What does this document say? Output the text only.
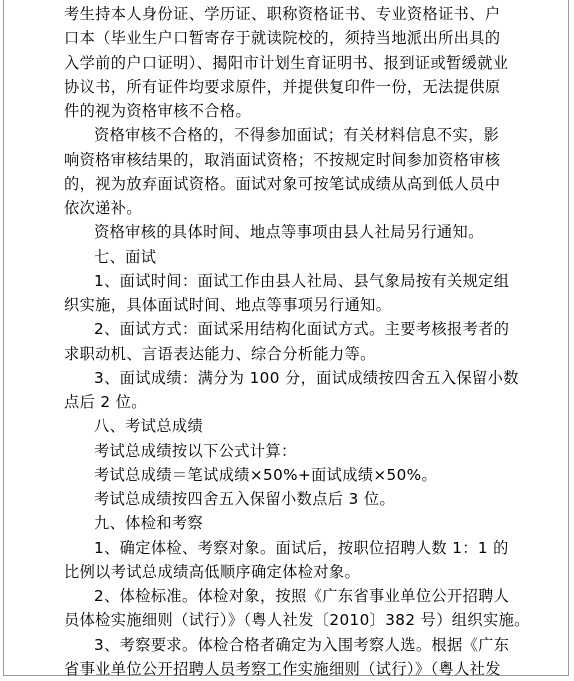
考生持本人身份证、学历证、职称资格证书、专业资格证书、户
口本（毕业生户口暂寄存于就读院校的，须持当地派出所出具的
入学前的户口证明）、揭阳市计划生育证明书、报到证或暂缓就业
协议书，所有证件均要求原件，并提供复印件一份，无法提供原
件的视为资格审核不合格。
资格审核不合格的，不得参加面试；有关材料信息不实，影
响资格审核结果的，取消面试资格；不按规定时间参加资格审核
的，视为放弃面试资格。面试对象可按笔试成绩从高到低人员中
依次递补。
资格审核的具体时间、地点等事项由县人社局另行通知。
七、面试
1、面试时间：面试工作由县人社局、县气象局按有关规定组
织实施，具体面试时间、地点等事项另行通知。
2、面试方式：面试采用结构化面试方式。主要考核报考者的
求职动机、言语表达能力、综合分析能力等。
3、面试成绩：满分为 100 分，面试成绩按四舍五入保留小数
点后 2 位。
八、考试总成绩
考试总成绩按以下公式计算：
考试总成绩＝笔试成绩×50%+面试成绩×50%。
考试总成绩按四舍五入保留小数点后 3 位。
九、体检和考察
1、确定体检、考察对象。面试后，按职位招聘人数 1：1 的
比例以考试总成绩高低顺序确定体检对象。
2、体检标准。体检对象，按照《广东省事业单位公开招聘人
员体检实施细则（试行）》（粤人社发〔2010〕382 号）组织实施。
3、考察要求。体检合格者确定为入围考察人选。根据《广东
省事业单位公开招聘人员考察工作实施细则（试行）》（粤人社发
